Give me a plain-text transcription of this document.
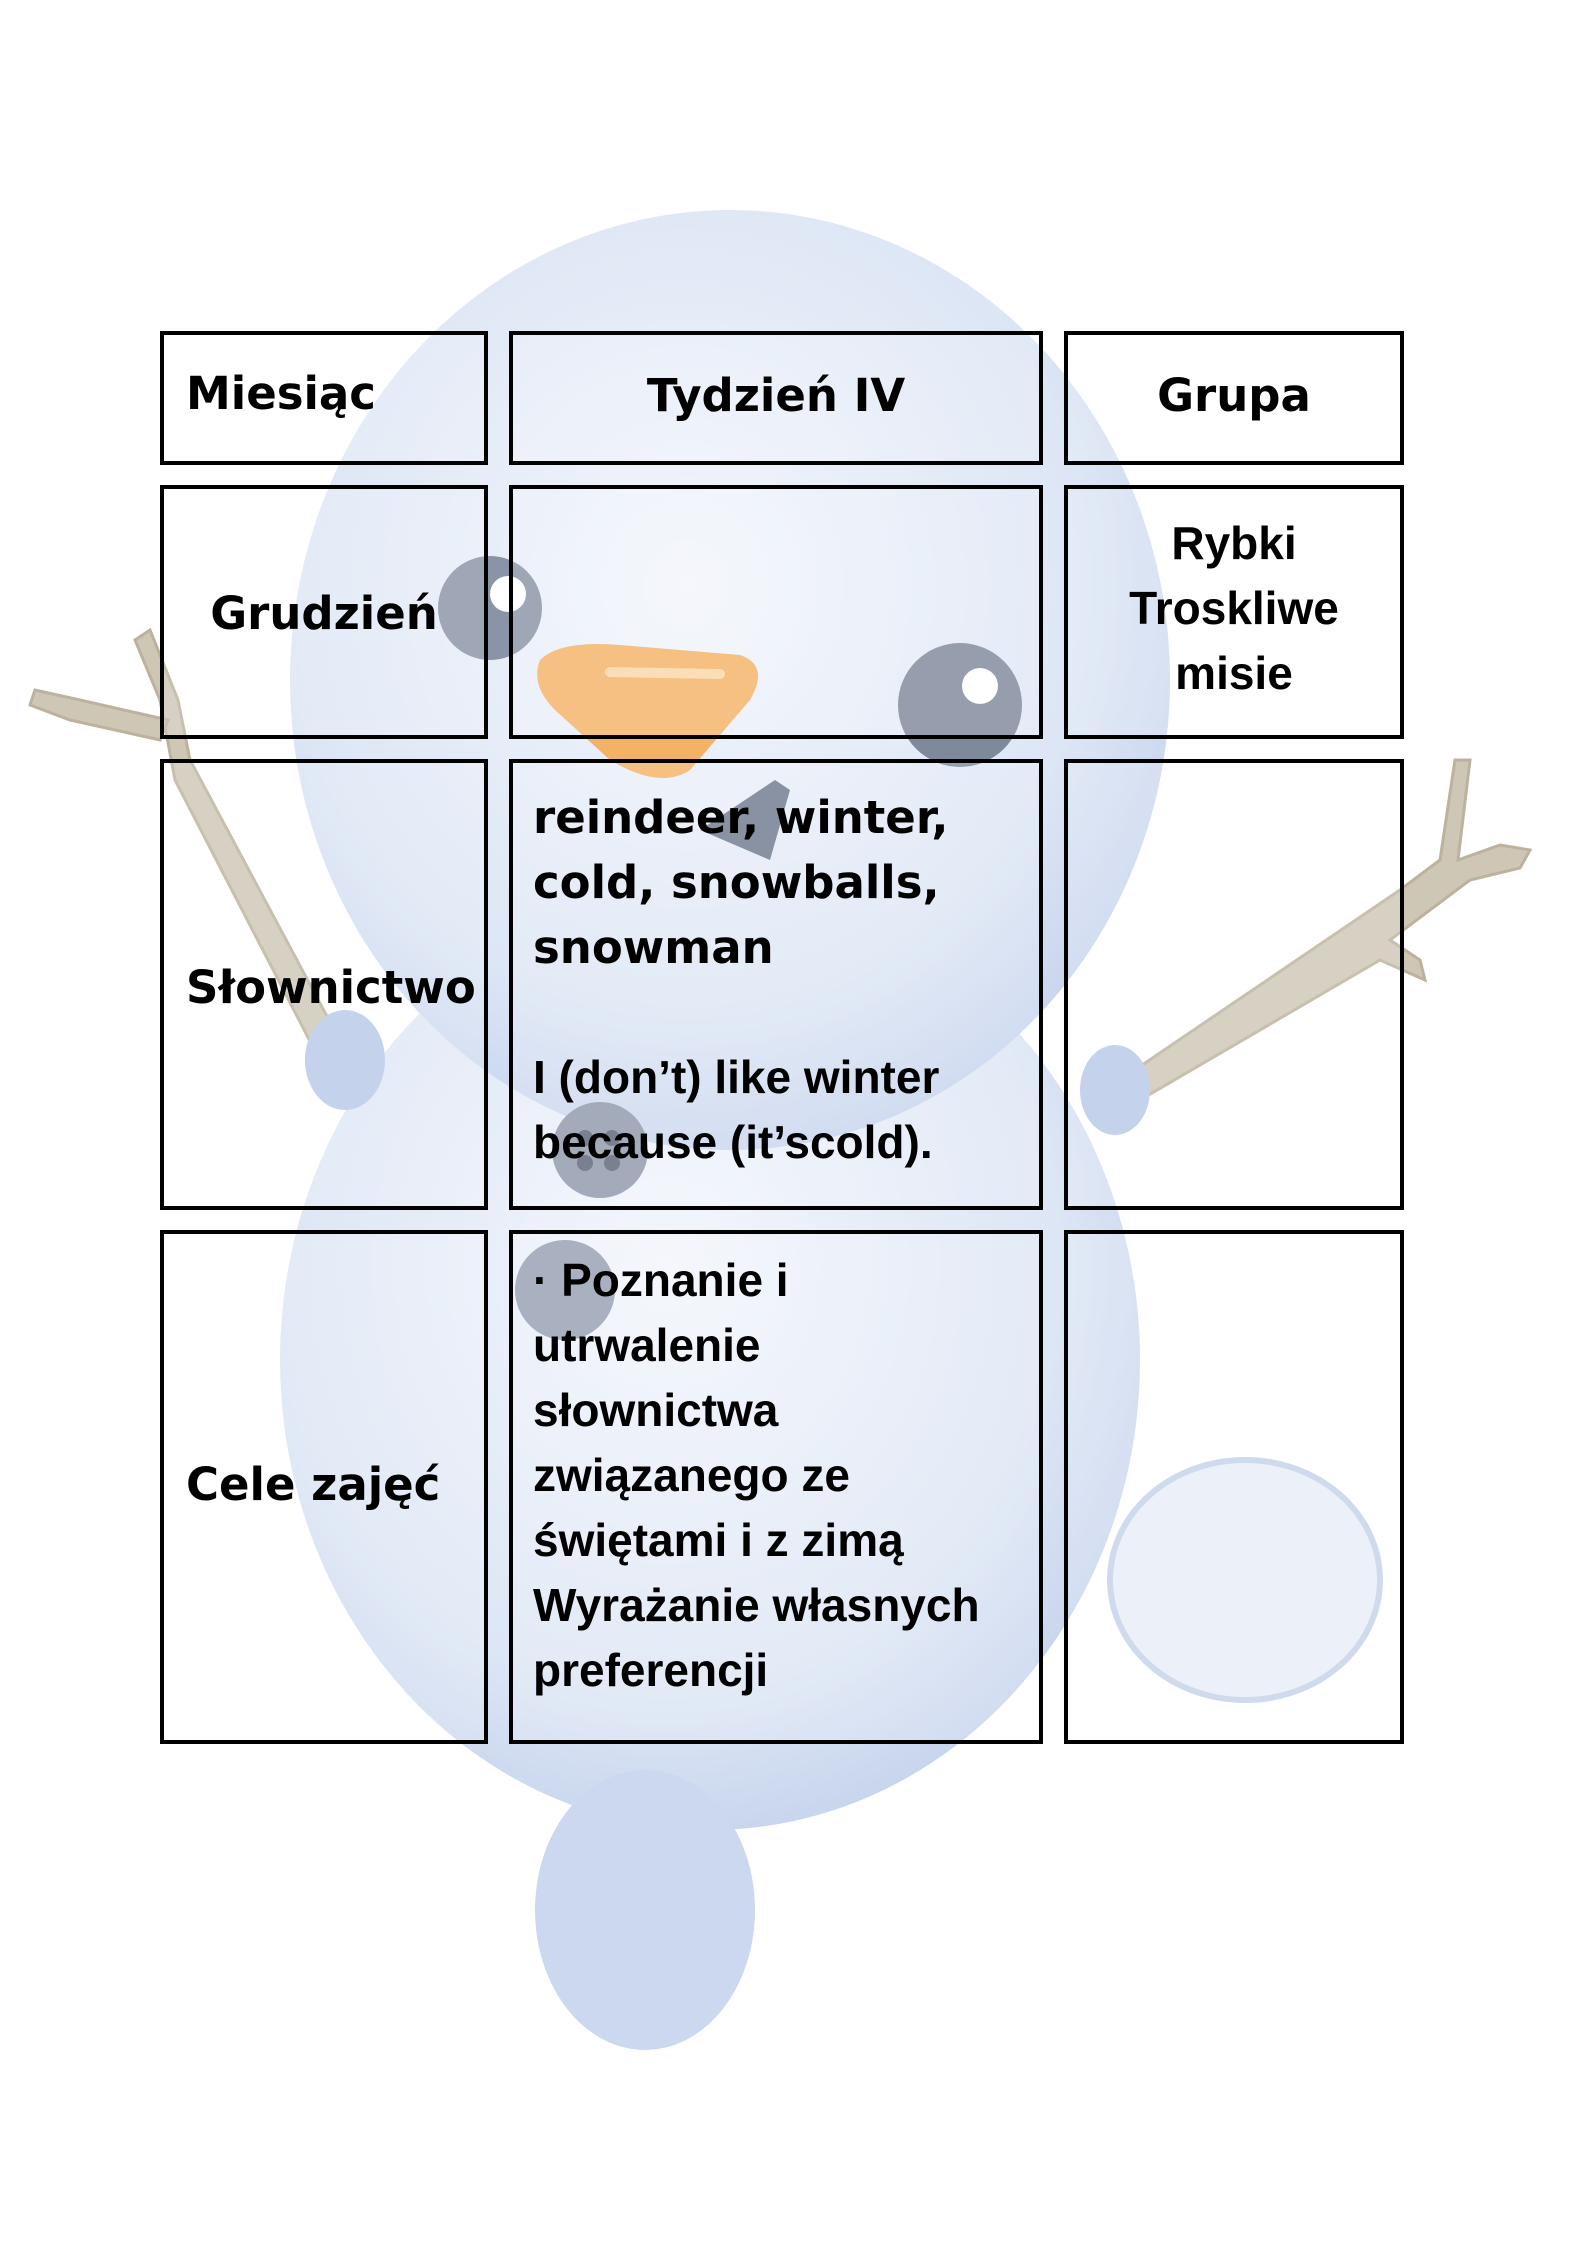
Miesiąc	Tydzień IV	Grupa

Grudzień

Rybki
Troskliwe
misie

Słownictwo

reindeer, winter,
cold, snowballs,
snowman
I (don’t) like winter
because (it’scold).

Cele zajęć

· Poznanie i
utrwalenie
słownictwa
związanego ze
świętami i z zimą
Wyrażanie własnych
preferencji
